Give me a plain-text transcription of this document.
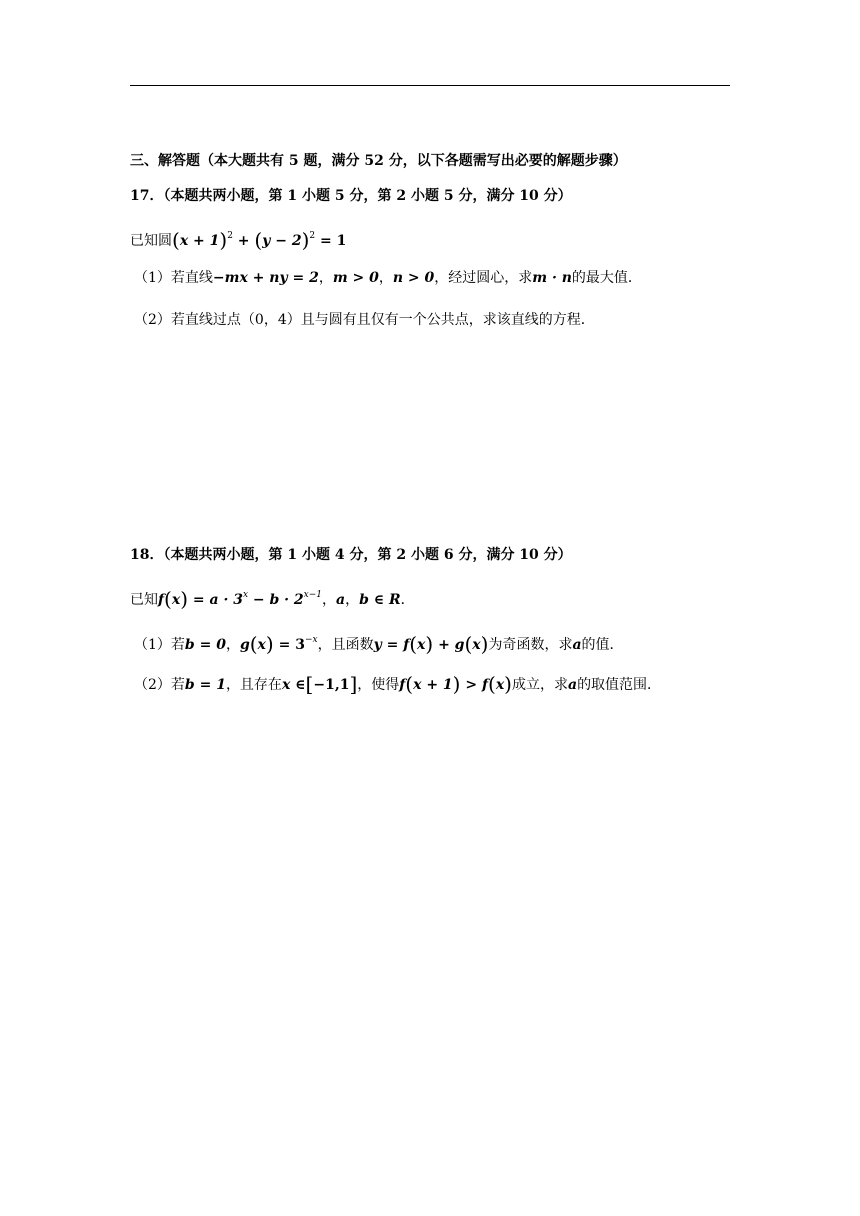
三、解答题（本大题共有 5 题，满分 52 分，以下各题需写出必要的解题步骤）
17．（本题共两小题，第 1 小题 5 分，第 2 小题 5 分，满分 10 分）
已知圆$(x + 1)^2 + (y - 2)^2 = 1$
（1）若直线−mx + ny = 2，m > 0，n > 0，经过圆心，求m · n的最大值．
（2）若直线过点（0，4）且与圆有且仅有一个公共点，求该直线的方程．
18．（本题共两小题，第 1 小题 4 分，第 2 小题 6 分，满分 10 分）
已知$f(x) = a \cdot 3^x - b \cdot 2^{x-1}$，a，b ∈ R．
（1）若b = 0，$g(x) = 3^{-x}$，且函数y = f(x) + g(x)为奇函数，求a的值．
（2）若b = 1，且存在x ∈[−1,1]，使得f(x + 1) > f(x)成立，求a的取值范围．
